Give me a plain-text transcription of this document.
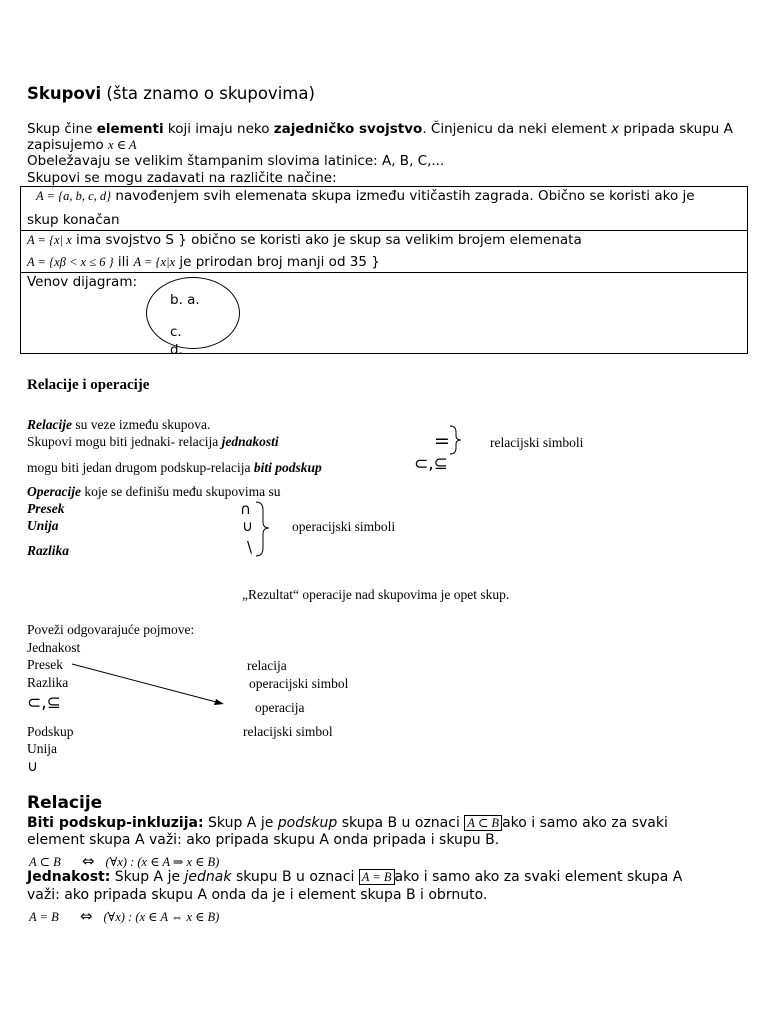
Skupovi (šta znamo o skupovima)
Skup čine elementi koji imaju neko zajedničko svojstvo. Činjenicu da neki element x pripada skupu A
zapisujemo x ∈ A
Obeležavaju se velikim štampanim slovima latinice: A, B, C,...
Skupovi se mogu zadavati na različite načine:
A = {a, b, c, d} navođenjem svih elemenata skupa između vitičastih zagrada. Obično se koristi ako je
skup konačan
A = {x| x ima svojstvo S } obično se koristi ako je skup sa velikim brojem elemenata
A = {xβ < x ≤ 6 } ili A = {x|x je prirodan broj manji od 35 }
Venov dijagram:
b. a.
c.
d.
Relacije i operacije
Relacije su veze između skupova.
Skupovi mogu biti jednaki- relacija jednakosti
mogu biti jedan drugom podskup-relacija biti podskup
=
⊂,⊆
relacijski simboli
Operacije koje se definišu među skupovima su
Presek
Unija
Razlika
∩
∪
\
operacijski simboli
„Rezultat“ operacije nad skupovima je opet skup.
Poveži odgovarajuće pojmove:
Jednakost
Presek
Razlika
⊂,⊆
Podskup
Unija
∪
relacija
operacijski simbol
operacija
relacijski simbol
Relacije
Biti podskup-inkluzija: Skup A je podskup skupa B u oznaci A ⊂ B ako i samo ako za svaki
element skupa A važi: ako pripada skupu A onda pripada i skupu B.
A ⊂ B ⇔ (∀x) : (x ∈ A ⇒ x ∈ B)
Jednakost: Skup A je jednak skupu B u oznaci A = B ako i samo ako za svaki element skupa A
važi: ako pripada skupu A onda da je i element skupa B i obrnuto.
A = B ⇔ (∀x) : (x ∈ A ⇔ x ∈ B)
